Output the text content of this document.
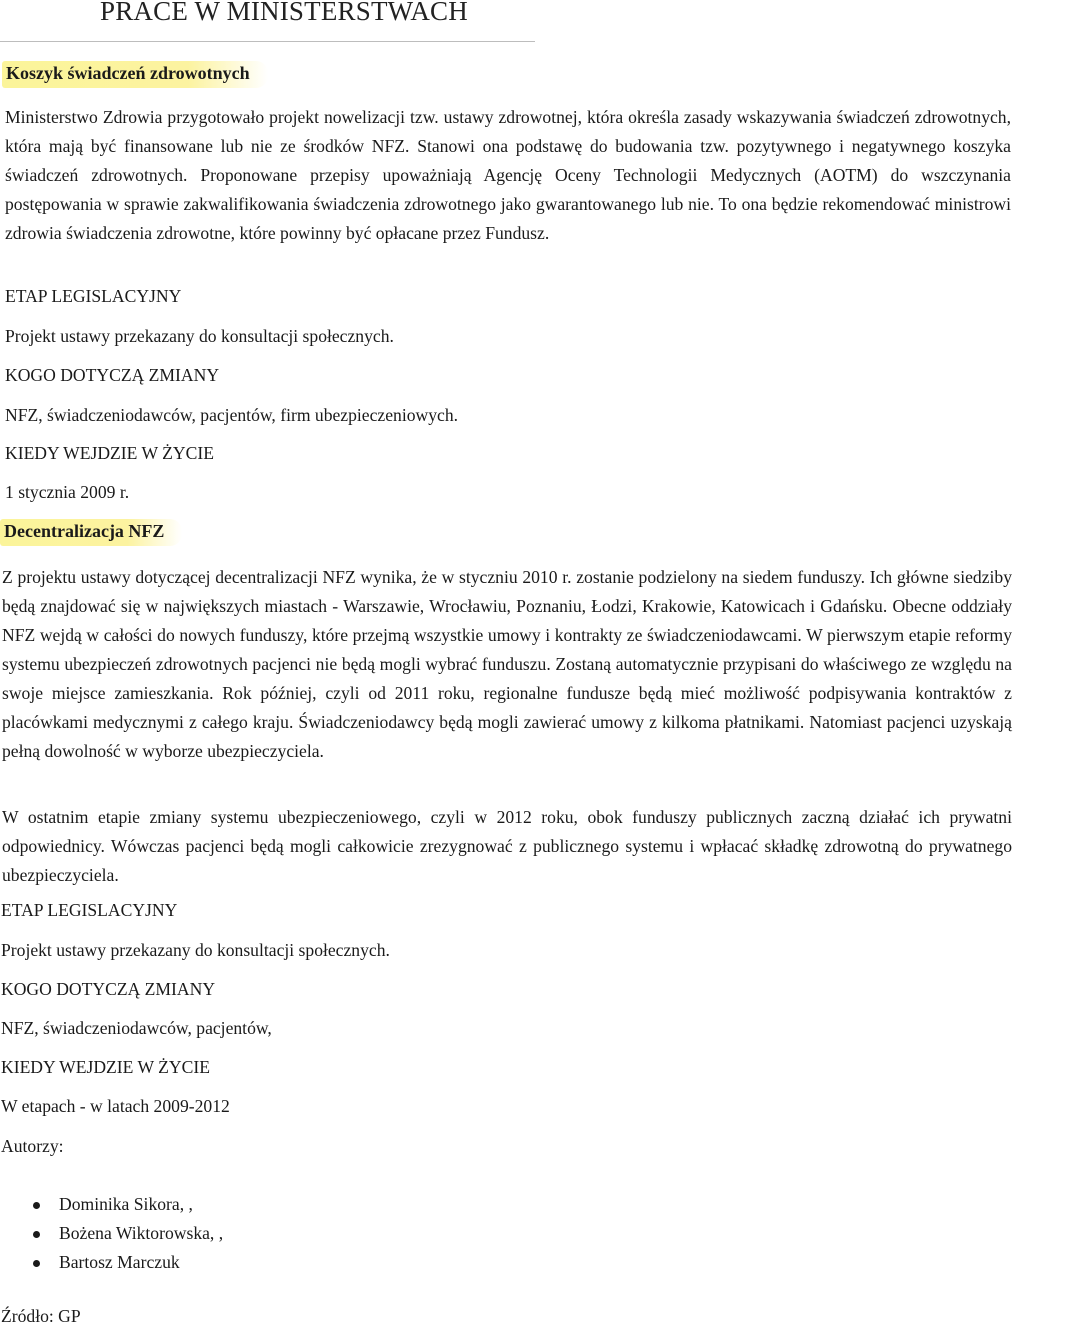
PRACE W MINISTERSTWACH
Koszyk świadczeń zdrowotnych

Ministerstwo Zdrowia przygotowało projekt nowelizacji tzw. ustawy zdrowotnej, która określa zasady wskazywania świadczeń zdrowotnych, która mają być finansowane lub nie ze środków NFZ. Stanowi ona podstawę do budowania tzw. pozytywnego i negatywnego koszyka świadczeń zdrowotnych. Proponowane przepisy upoważniają Agencję Oceny Technologii Medycznych (AOTM) do wszczynania postępowania w sprawie zakwalifikowania świadczenia zdrowotnego jako gwarantowanego lub nie. To ona będzie rekomendować ministrowi zdrowia świadczenia zdrowotne, które powinny być opłacane przez Fundusz.

ETAP LEGISLACYJNY
Projekt ustawy przekazany do konsultacji społecznych.
KOGO DOTYCZĄ ZMIANY
NFZ, świadczeniodawców, pacjentów, firm ubezpieczeniowych.
KIEDY WEJDZIE W ŻYCIE
1 stycznia 2009 r.
Decentralizacja NFZ

Z projektu ustawy dotyczącej decentralizacji NFZ wynika, że w styczniu 2010 r. zostanie podzielony na siedem funduszy. Ich główne siedziby będą znajdować się w największych miastach - Warszawie, Wrocławiu, Poznaniu, Łodzi, Krakowie, Katowicach i Gdańsku. Obecne oddziały NFZ wejdą w całości do nowych funduszy, które przejmą wszystkie umowy i kontrakty ze świadczeniodawcami. W pierwszym etapie reformy systemu ubezpieczeń zdrowotnych pacjenci nie będą mogli wybrać funduszu. Zostaną automatycznie przypisani do właściwego ze względu na swoje miejsce zamieszkania. Rok później, czyli od 2011 roku, regionalne fundusze będą mieć możliwość podpisywania kontraktów z placówkami medycznymi z całego kraju. Świadczeniodawcy będą mogli zawierać umowy z kilkoma płatnikami. Natomiast pacjenci uzyskają pełną dowolność w wyborze ubezpieczyciela.

W ostatnim etapie zmiany systemu ubezpieczeniowego, czyli w 2012 roku, obok funduszy publicznych zaczną działać ich prywatni odpowiednicy. Wówczas pacjenci będą mogli całkowicie zrezygnować z publicznego systemu i wpłacać składkę zdrowotną do prywatnego ubezpieczyciela.

ETAP LEGISLACYJNY
Projekt ustawy przekazany do konsultacji społecznych.
KOGO DOTYCZĄ ZMIANY
NFZ, świadczeniodawców, pacjentów,
KIEDY WEJDZIE W ŻYCIE
W etapach - w latach 2009-2012
Autorzy:
Dominika Sikora, ,
Bożena Wiktorowska, ,
Bartosz Marczuk
Źródło: GP
